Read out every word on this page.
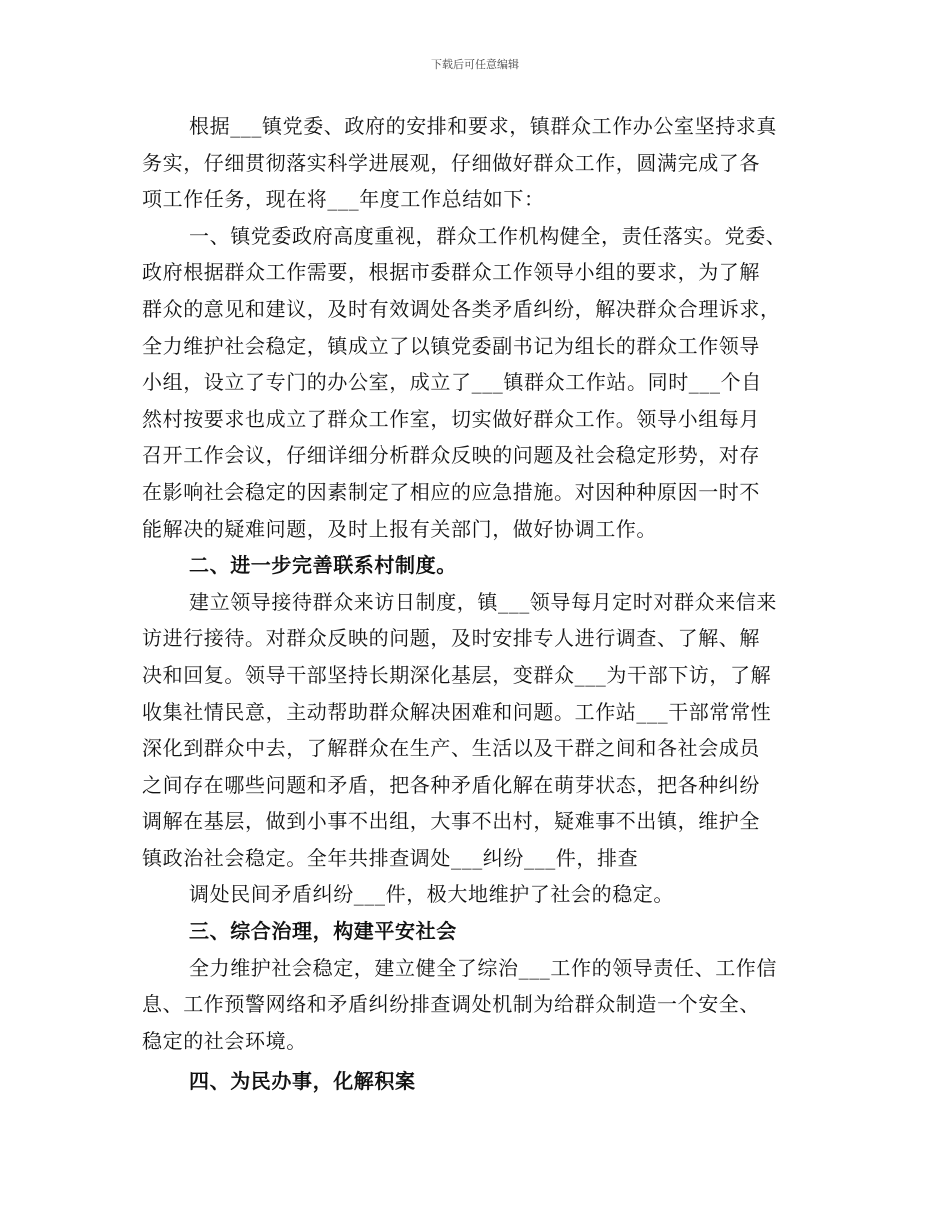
下载后可任意编辑
根据___镇党委、政府的安排和要求，镇群众工作办公室坚持求真
务实，仔细贯彻落实科学进展观，仔细做好群众工作，圆满完成了各
项工作任务，现在将___年度工作总结如下：
一、镇党委政府高度重视，群众工作机构健全，责任落实。党委、
政府根据群众工作需要，根据市委群众工作领导小组的要求，为了解
群众的意见和建议，及时有效调处各类矛盾纠纷，解决群众合理诉求，
全力维护社会稳定，镇成立了以镇党委副书记为组长的群众工作领导
小组，设立了专门的办公室，成立了___镇群众工作站。同时___个自
然村按要求也成立了群众工作室，切实做好群众工作。领导小组每月
召开工作会议，仔细详细分析群众反映的问题及社会稳定形势，对存
在影响社会稳定的因素制定了相应的应急措施。对因种种原因一时不
能解决的疑难问题，及时上报有关部门，做好协调工作。
二、进一步完善联系村制度。
建立领导接待群众来访日制度，镇___领导每月定时对群众来信来
访进行接待。对群众反映的问题，及时安排专人进行调查、了解、解
决和回复。领导干部坚持长期深化基层，变群众___为干部下访，了解
收集社情民意，主动帮助群众解决困难和问题。工作站___干部常常性
深化到群众中去，了解群众在生产、生活以及干群之间和各社会成员
之间存在哪些问题和矛盾，把各种矛盾化解在萌芽状态，把各种纠纷
调解在基层，做到小事不出组，大事不出村，疑难事不出镇，维护全
镇政治社会稳定。全年共排查调处___纠纷___件，排查
调处民间矛盾纠纷___件，极大地维护了社会的稳定。
三、综合治理，构建平安社会
全力维护社会稳定，建立健全了综治___工作的领导责任、工作信
息、工作预警网络和矛盾纠纷排查调处机制为给群众制造一个安全、
稳定的社会环境。
四、为民办事，化解积案
